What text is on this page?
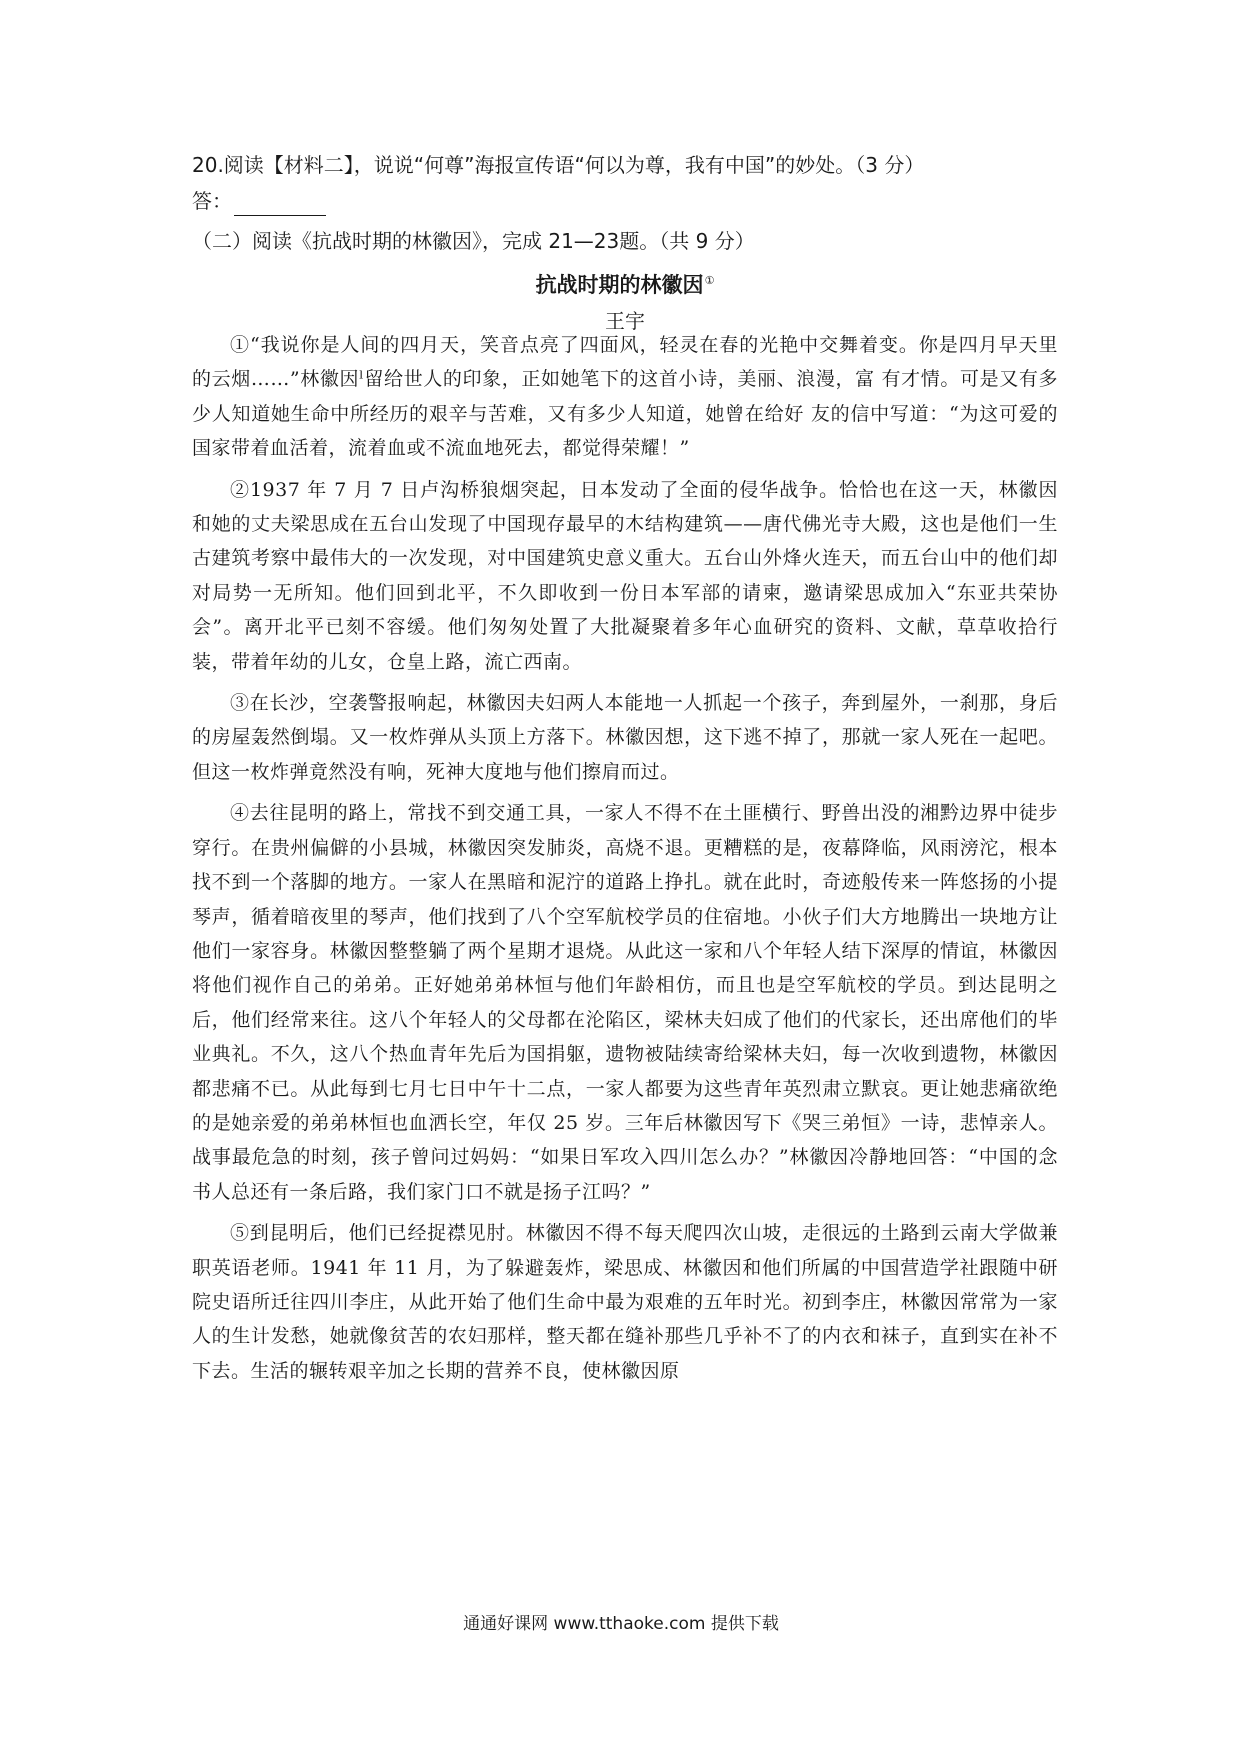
20.阅读【材料二】，说说“何尊”海报宣传语“何以为尊，我有中国”的妙处。（3 分）
答：
（二）阅读《抗战时期的林徽因》，完成 21—23题。（共 9 分）
抗战时期的林徽因①
王宇

①“我说你是人间的四月天，笑音点亮了四面风，轻灵在春的光艳中交舞着变。你是四月早天里的云烟……”林徽因ˡ留给世人的印象，正如她笔下的这首小诗，美丽、浪漫，富 有才情。可是又有多少人知道她生命中所经历的艰辛与苦难，又有多少人知道，她曾在给好 友的信中写道：“为这可爱的国家带着血活着，流着血或不流血地死去，都觉得荣耀！”

②1937 年 7 月 7 日卢沟桥狼烟突起，日本发动了全面的侵华战争。恰恰也在这一天，林徽因和她的丈夫梁思成在五台山发现了中国现存最早的木结构建筑——唐代佛光寺大殿，这也是他们一生古建筑考察中最伟大的一次发现，对中国建筑史意义重大。五台山外烽火连天，而五台山中的他们却对局势一无所知。他们回到北平，不久即收到一份日本军部的请柬，邀请梁思成加入“东亚共荣协会”。离开北平已刻不容缓。他们匆匆处置了大批凝聚着多年心血研究的资料、文献，草草收拾行装，带着年幼的儿女，仓皇上路，流亡西南。

③在长沙，空袭警报响起，林徽因夫妇两人本能地一人抓起一个孩子，奔到屋外，一刹那，身后的房屋轰然倒塌。又一枚炸弹从头顶上方落下。林徽因想，这下逃不掉了，那就一家人死在一起吧。但这一枚炸弹竟然没有响，死神大度地与他们擦肩而过。

④去往昆明的路上，常找不到交通工具，一家人不得不在土匪横行、野兽出没的湘黔边界中徒步穿行。在贵州偏僻的小县城，林徽因突发肺炎，高烧不退。更糟糕的是，夜幕降临，风雨滂沱，根本找不到一个落脚的地方。一家人在黑暗和泥泞的道路上挣扎。就在此时，奇迹般传来一阵悠扬的小提琴声，循着暗夜里的琴声，他们找到了八个空军航校学员的住宿地。小伙子们大方地腾出一块地方让他们一家容身。林徽因整整躺了两个星期才退烧。从此这一家和八个年轻人结下深厚的情谊，林徽因将他们视作自己的弟弟。正好她弟弟林恒与他们年龄相仿，而且也是空军航校的学员。到达昆明之后，他们经常来往。这八个年轻人的父母都在沦陷区，梁林夫妇成了他们的代家长，还出席他们的毕业典礼。不久，这八个热血青年先后为国捐躯，遗物被陆续寄给梁林夫妇，每一次收到遗物，林徽因都悲痛不已。从此每到七月七日中午十二点，一家人都要为这些青年英烈肃立默哀。更让她悲痛欲绝的是她亲爱的弟弟林恒也血洒长空，年仅 25 岁。三年后林徽因写下《哭三弟恒》一诗，悲悼亲人。战事最危急的时刻，孩子曾问过妈妈：“如果日军攻入四川怎么办？”林徽因冷静地回答：“中国的念书人总还有一条后路，我们家门口不就是扬子江吗？”

⑤到昆明后，他们已经捉襟见肘。林徽因不得不每天爬四次山坡，走很远的土路到云南大学做兼职英语老师。1941 年 11 月，为了躲避轰炸，梁思成、林徽因和他们所属的中国营造学社跟随中研院史语所迁往四川李庄，从此开始了他们生命中最为艰难的五年时光。初到李庄，林徽因常常为一家人的生计发愁，她就像贫苦的农妇那样，整天都在缝补那些几乎补不了的内衣和袜子，直到实在补不下去。生活的辗转艰辛加之长期的营养不良，使林徽因原

通通好课网 www.tthaoke.com 提供下载
